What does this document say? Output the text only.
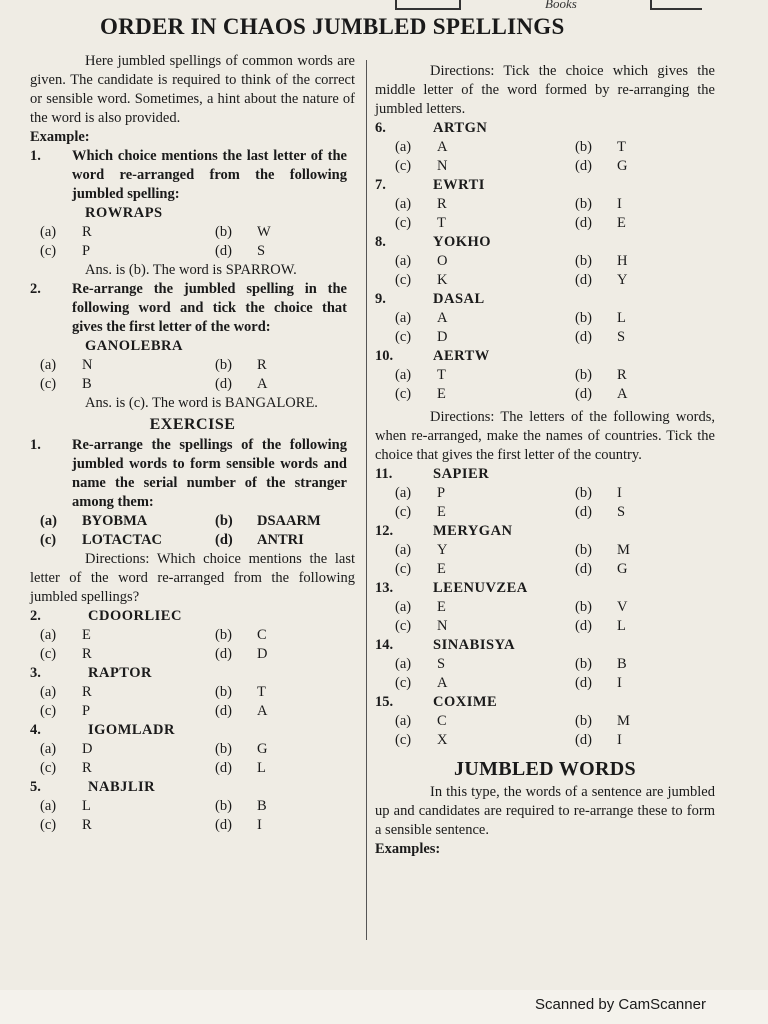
Books
ORDER IN CHAOS JUMBLED SPELLINGS

Here jumbled spellings of common words are given. The candidate is required to think of the correct or sensible word. Sometimes, a hint about the nature of the word is also provided.

Example:
1. Which choice mentions the last letter of the word re-arranged from the following jumbled spelling:
ROWRAPS
(a) R	(b) W
(c) P	(d) S

Ans. is (b). The word is SPARROW.

2. Re-arrange the jumbled spelling in the following word and tick the choice that gives the first letter of the word:
GANOLEBRA
(a) N	(b) R
(c) B	(d) A

Ans. is (c). The word is BANGALORE.

EXERCISE
1. Re-arrange the spellings of the following jumbled words to form sensible words and name the serial number of the stranger among them:
(a) BYOBMA	(b) DSAARM
(c) LOTACTAC	(d) ANTRI

Directions: Which choice mentions the last letter of the word re-arranged from the following jumbled spellings?

2.	CDOORLIEC
(a) E	(b) C
(c) R	(d) D
3.	RAPTOR
(a) R	(b) T
(c) P	(d) A
4.	IGOMLADR
(a) D	(b) G
(c) R	(d) L
5.	NABJLIR
(a) L	(b) B
(c) R	(d) I

Directions: Tick the choice which gives the middle letter of the word formed by re-arranging the jumbled letters.

6.	ARTGN
(a) A	(b) T
(c) N	(d) G
7.	EWRTI
(a) R	(b) I
(c) T	(d) E
8.	YOKHO
(a) O	(b) H
(c) K	(d) Y
9.	DASAL
(a) A	(b) L
(c) D	(d) S
10.	AERTW
(a) T	(b) R
(c) E	(d) A

Directions: The letters of the following words, when re-arranged, make the names of countries. Tick the choice that gives the first letter of the country.

11.	SAPIER
(a) P	(b) I
(c) E	(d) S
12.	MERYGAN
(a) Y	(b) M
(c) E	(d) G
13.	LEENUVZEA
(a) E	(b) V
(c) N	(d) L
14.	SINABISYA
(a) S	(b) B
(c) A	(d) I
15.	COXIME
(a) C	(b) M
(c) X	(d) I
JUMBLED WORDS

In this type, the words of a sentence are jumbled up and candidates are required to re-arrange these to form a sensible sentence.

Examples:
Scanned by CamScanner
